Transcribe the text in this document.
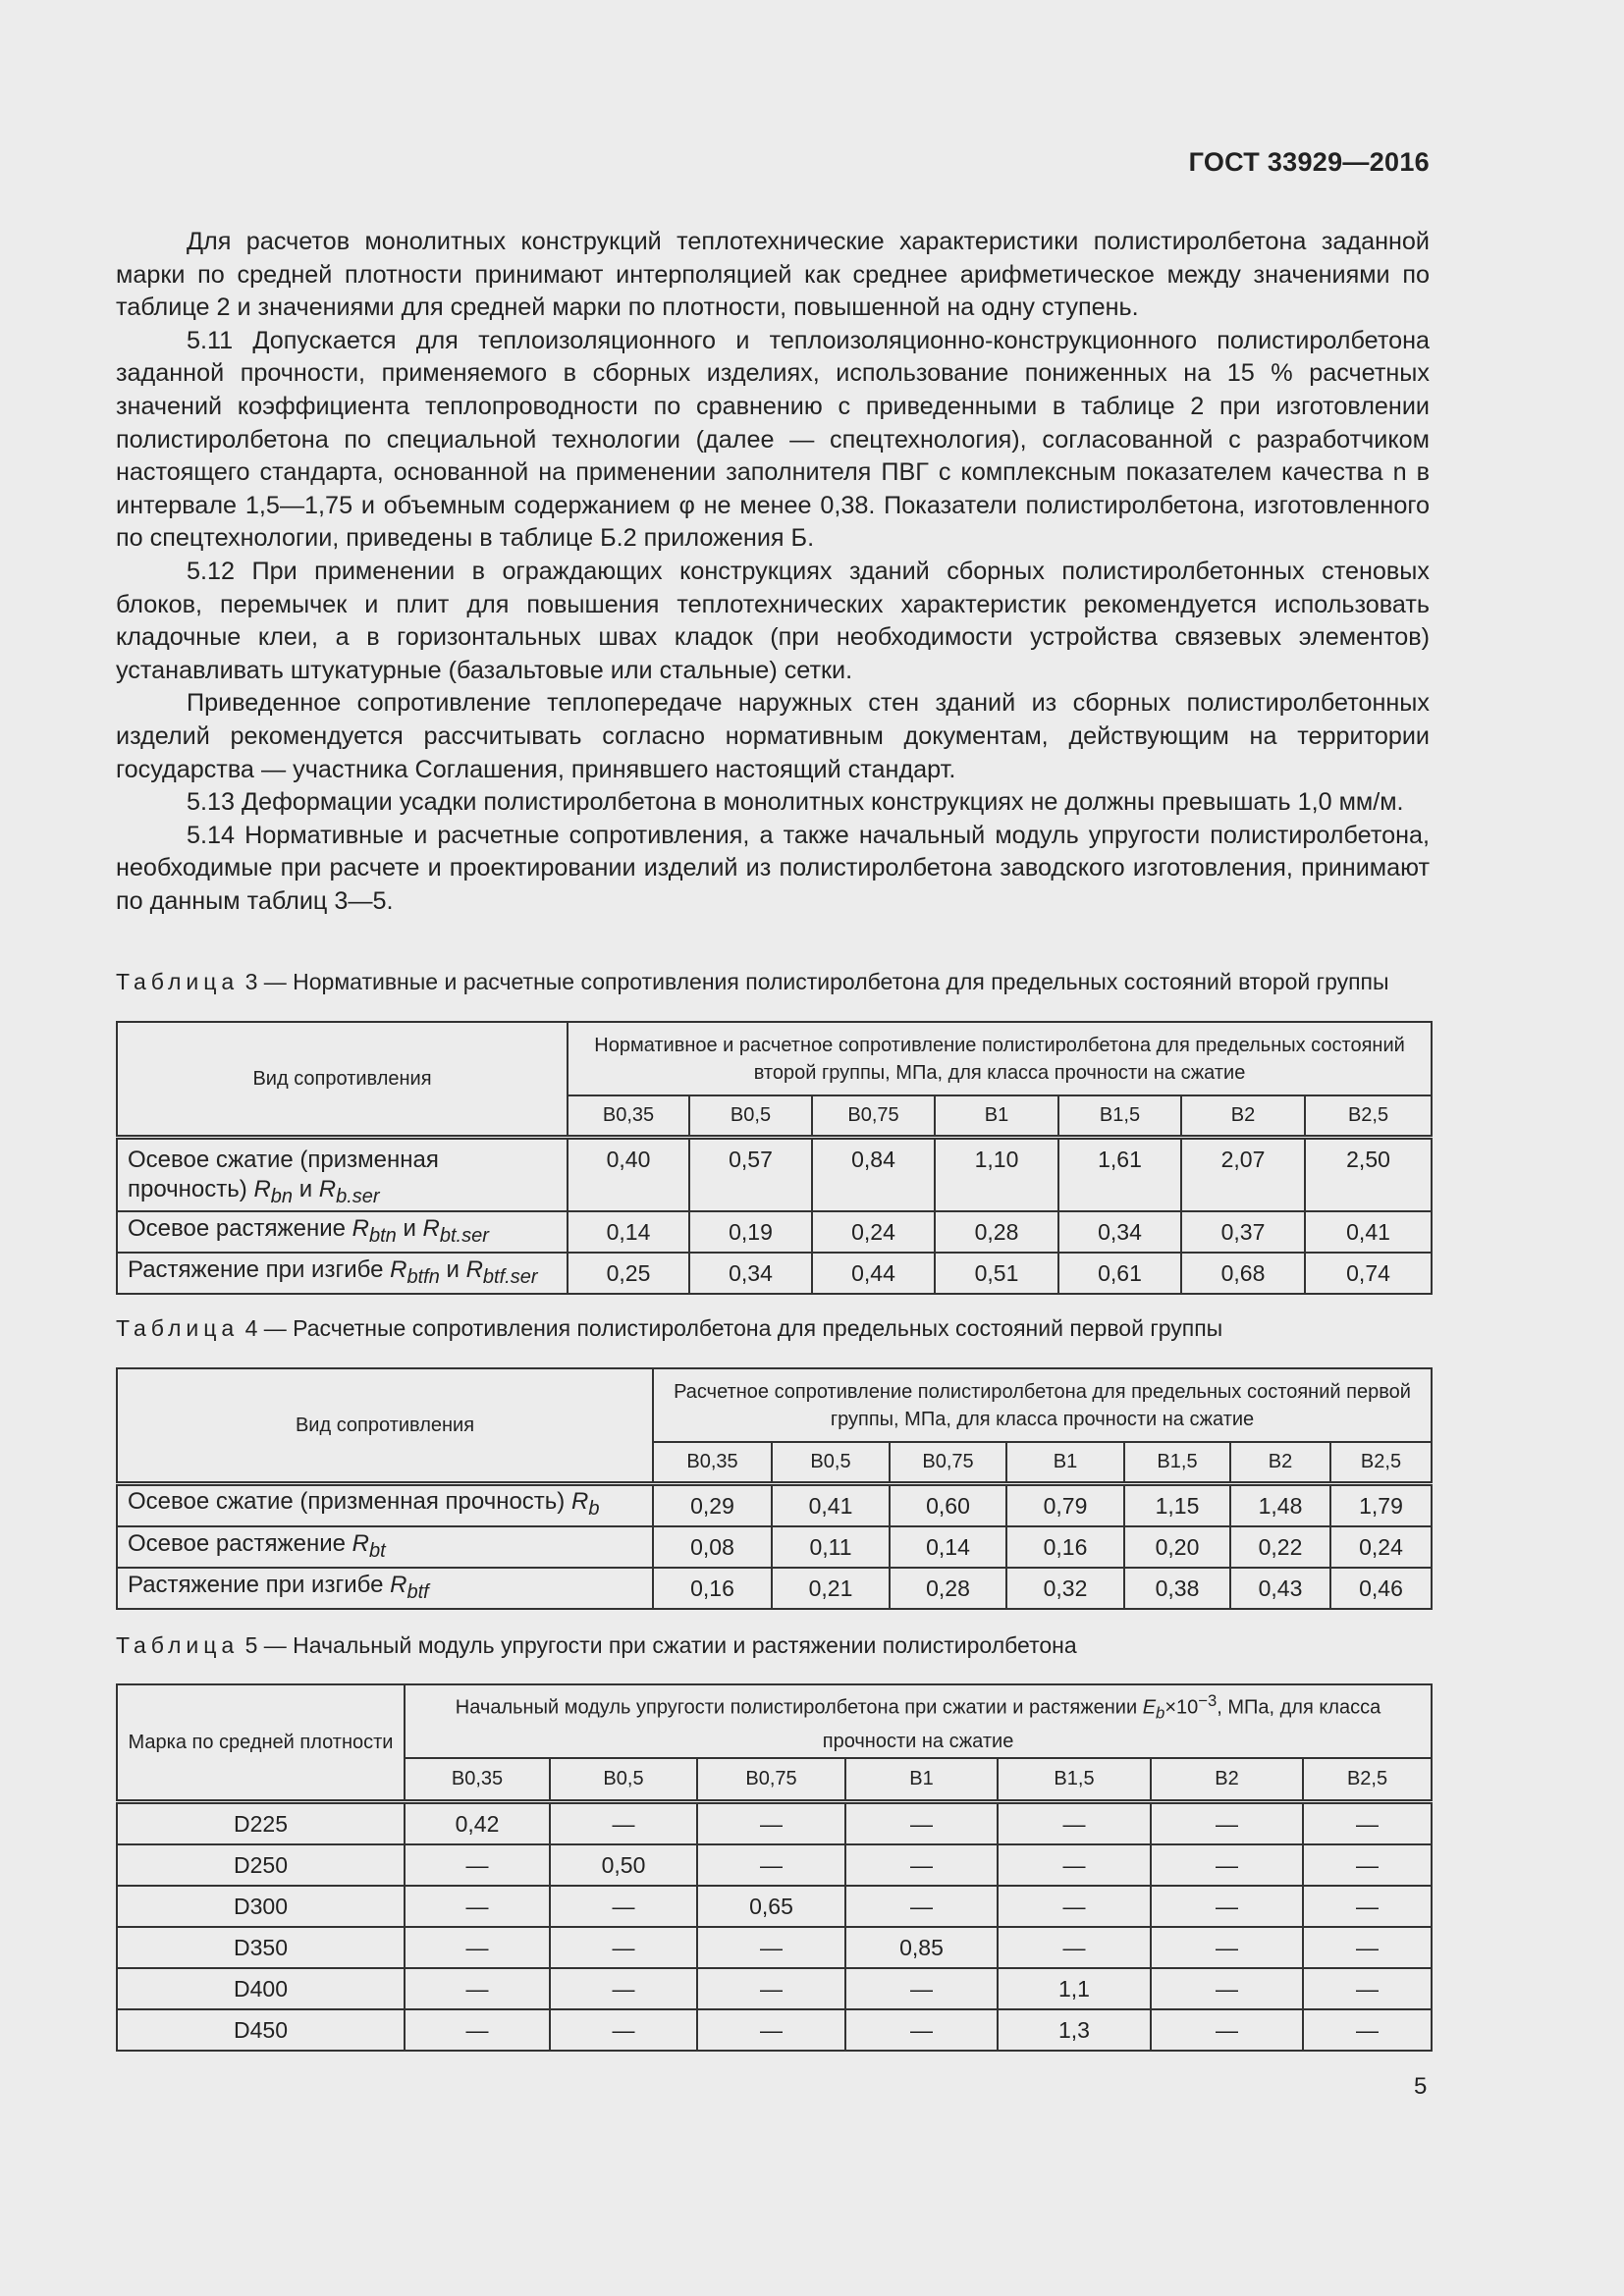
ГОСТ 33929—2016

Для расчетов монолитных конструкций теплотехнические характеристики полистиролбетона заданной марки по средней плотности принимают интерполяцией как среднее арифметическое между значениями по таблице 2 и значениями для средней марки по плотности, повышенной на одну ступень.

5.11 Допускается для теплоизоляционного и теплоизоляционно-конструкционного полистиролбетона заданной прочности, применяемого в сборных изделиях, использование пониженных на 15 % расчетных значений коэффициента теплопроводности по сравнению с приведенными в таблице 2 при изготовлении полистиролбетона по специальной технологии (далее — спецтехнология), согласованной с разработчиком настоящего стандарта, основанной на применении заполнителя ПВГ с комплексным показателем качества n в интервале 1,5—1,75 и объемным содержанием φ не менее 0,38. Показатели полистиролбетона, изготовленного по спецтехнологии, приведены в таблице Б.2 приложения Б.

5.12 При применении в ограждающих конструкциях зданий сборных полистиролбетонных стеновых блоков, перемычек и плит для повышения теплотехнических характеристик рекомендуется использовать кладочные клеи, а в горизонтальных швах кладок (при необходимости устройства связевых элементов) устанавливать штукатурные (базальтовые или стальные) сетки.

Приведенное сопротивление теплопередаче наружных стен зданий из сборных полистиролбетонных изделий рекомендуется рассчитывать согласно нормативным документам, действующим на территории государства — участника Соглашения, принявшего настоящий стандарт.

5.13 Деформации усадки полистиролбетона в монолитных конструкциях не должны превышать 1,0 мм/м.

5.14 Нормативные и расчетные сопротивления, а также начальный модуль упругости полистиролбетона, необходимые при расчете и проектировании изделий из полистиролбетона заводского изготовления, принимают по данным таблиц 3—5.

Таблица 3 — Нормативные и расчетные сопротивления полистиролбетона для предельных состояний второй группы
Вид сопротивления	Нормативное и расчетное сопротивление полистиролбетона для предельных состояний второй группы, МПа, для класса прочности на сжатие						
	B0,35	B0,5	B0,75	B1	B1,5	B2	B2,5
Осевое сжатие (призменная прочность) $R_{bn}$ и $R_{b.ser}$	0,40	0,57	0,84	1,10	1,61	2,07	2,50
Осевое растяжение $R_{btn}$ и $R_{bt.ser}$	0,14	0,19	0,24	0,28	0,34	0,37	0,41
Растяжение при изгибе $R_{btfn}$ и $R_{btf.ser}$	0,25	0,34	0,44	0,51	0,61	0,68	0,74
Таблица 4 — Расчетные сопротивления полистиролбетона для предельных состояний первой группы
Вид сопротивления	Расчетное сопротивление полистиролбетона для предельных состояний первой группы, МПа, для класса прочности на сжатие						
	B0,35	B0,5	B0,75	B1	B1,5	B2	B2,5
Осевое сжатие (призменная прочность) $R_b$	0,29	0,41	0,60	0,79	1,15	1,48	1,79
Осевое растяжение $R_{bt}$	0,08	0,11	0,14	0,16	0,20	0,22	0,24
Растяжение при изгибе $R_{btf}$	0,16	0,21	0,28	0,32	0,38	0,43	0,46
Таблица 5 — Начальный модуль упругости при сжатии и растяжении полистиролбетона
Марка по средней плотности	Начальный модуль упругости полистиролбетона при сжатии и растяжении $E_b\times 10^{-3}$, МПа, для класса прочности на сжатие						
	B0,35	B0,5	B0,75	B1	B1,5	B2	B2,5
D225	0,42	—	—	—	—	—	—
D250	—	0,50	—	—	—	—	—
D300	—	—	0,65	—	—	—	—
D350	—	—	—	0,85	—	—	—
D400	—	—	—	—	1,1	—	—
D450	—	—	—	—	1,3	—	—
5
